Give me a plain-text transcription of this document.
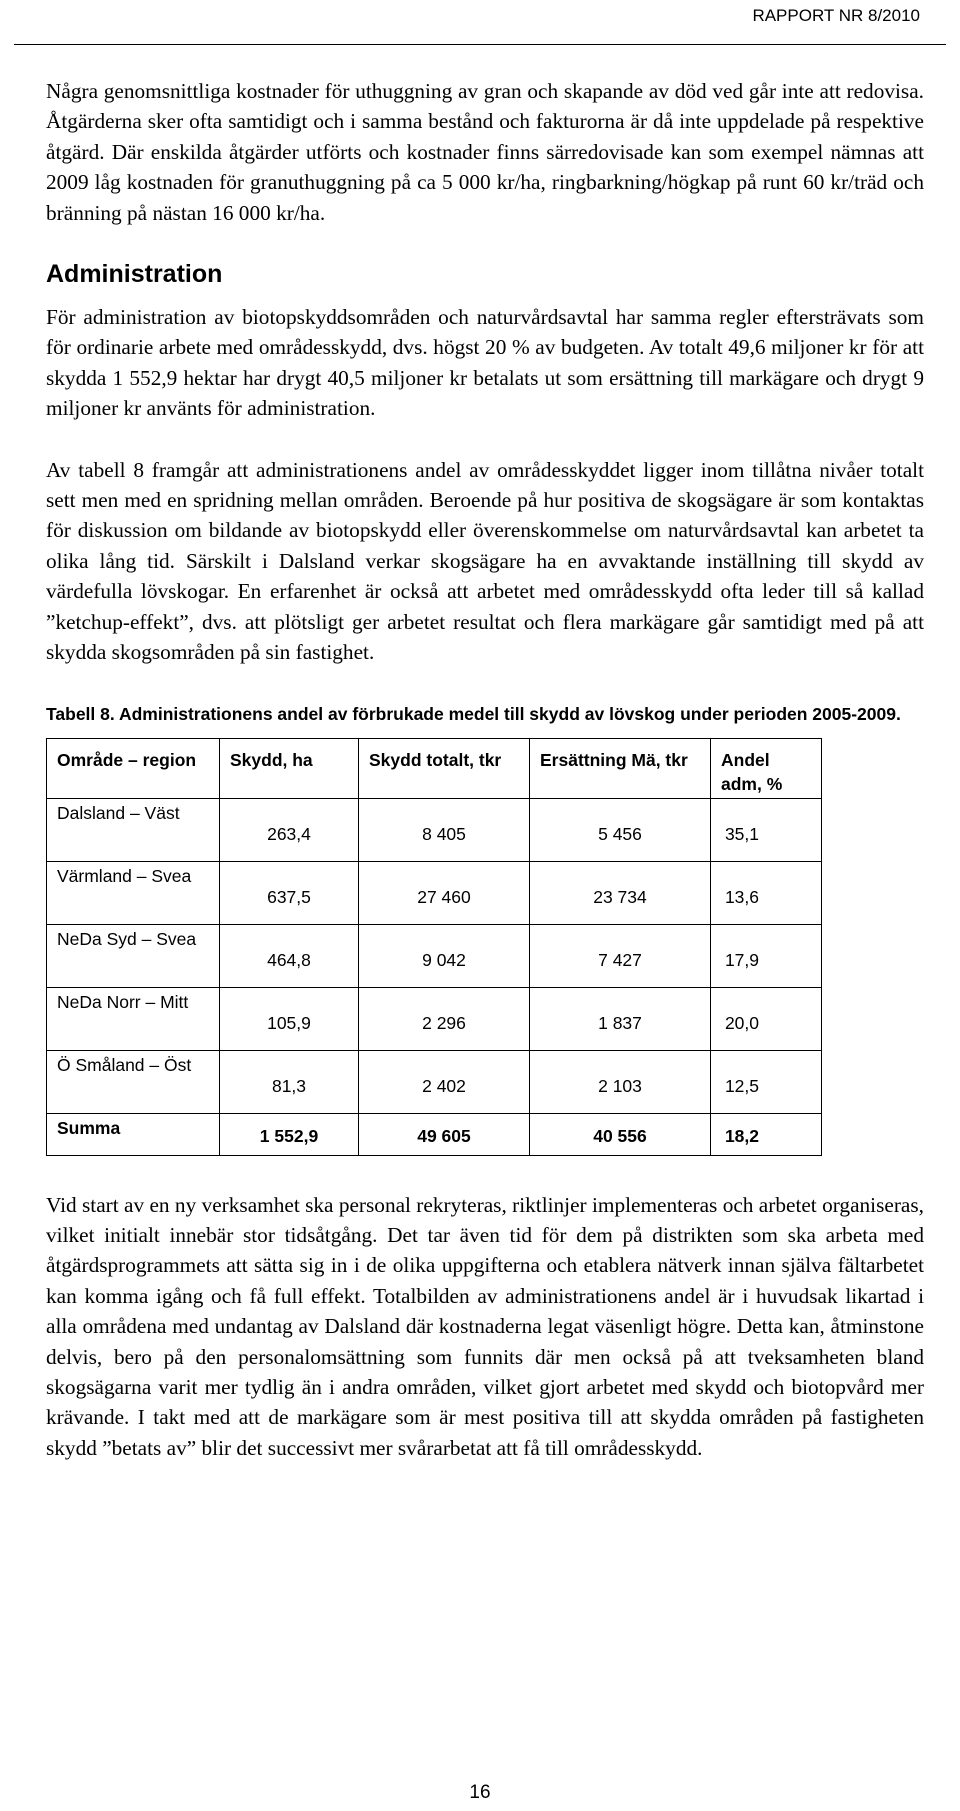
RAPPORT NR 8/2010

Några genomsnittliga kostnader för uthuggning av gran och skapande av död ved går inte att redovisa. Åtgärderna sker ofta samtidigt och i samma bestånd och fakturorna är då inte uppdelade på respektive åtgärd. Där enskilda åtgärder utförts och kostnader finns särredovisade kan som exempel nämnas att 2009 låg kostnaden för granuthuggning på ca 5 000 kr/ha, ringbarkning/högkap på runt 60 kr/träd och bränning på nästan 16 000 kr/ha.

Administration

För administration av biotopskyddsområden och naturvårdsavtal har samma regler eftersträvats som för ordinarie arbete med områdesskydd, dvs. högst 20 % av budgeten. Av totalt 49,6 miljoner kr för att skydda 1 552,9 hektar har drygt 40,5 miljoner kr betalats ut som ersättning till markägare och drygt 9 miljoner kr använts för administration.

Av tabell 8 framgår att administrationens andel av områdesskyddet ligger inom tillåtna nivåer totalt sett men med en spridning mellan områden. Beroende på hur positiva de skogsägare är som kontaktas för diskussion om bildande av biotopskydd eller överenskommelse om naturvårdsavtal kan arbetet ta olika lång tid. Särskilt i Dalsland verkar skogsägare ha en avvaktande inställning till skydd av värdefulla lövskogar. En erfarenhet är också att arbetet med områdesskydd ofta leder till så kallad ”ketchup-effekt”, dvs. att plötsligt ger arbetet resultat och flera markägare går samtidigt med på att skydda skogsområden på sin fastighet.

Tabell 8. Administrationens andel av förbrukade medel till skydd av lövskog under perioden 2005-2009.
Område – region	Skydd, ha	Skydd totalt, tkr	Ersättning Mä, tkr	Andel adm, %
Dalsland – Väst	263,4	8 405	5 456	35,1
Värmland – Svea	637,5	27 460	23 734	13,6
NeDa Syd – Svea	464,8	9 042	7 427	17,9
NeDa Norr – Mitt	105,9	2 296	1 837	20,0
Ö Småland – Öst	81,3	2 402	2 103	12,5
Summa	1 552,9	49 605	40 556	18,2

Vid start av en ny verksamhet ska personal rekryteras, riktlinjer implementeras och arbetet organiseras, vilket initialt innebär stor tidsåtgång. Det tar även tid för dem på distrikten som ska arbeta med åtgärdsprogrammets att sätta sig in i de olika uppgifterna och etablera nätverk innan själva fältarbetet kan komma igång och få full effekt. Totalbilden av administrationens andel är i huvudsak likartad i alla områdena med undantag av Dalsland där kostnaderna legat väsenligt högre. Detta kan, åtminstone delvis, bero på den personalomsättning som funnits där men också på att tveksamheten bland skogsägarna varit mer tydlig än i andra områden, vilket gjort arbetet med skydd och biotopvård mer krävande. I takt med att de markägare som är mest positiva till att skydda områden på fastigheten skydd ”betats av” blir det successivt mer svårarbetat att få till områdesskydd.

16
